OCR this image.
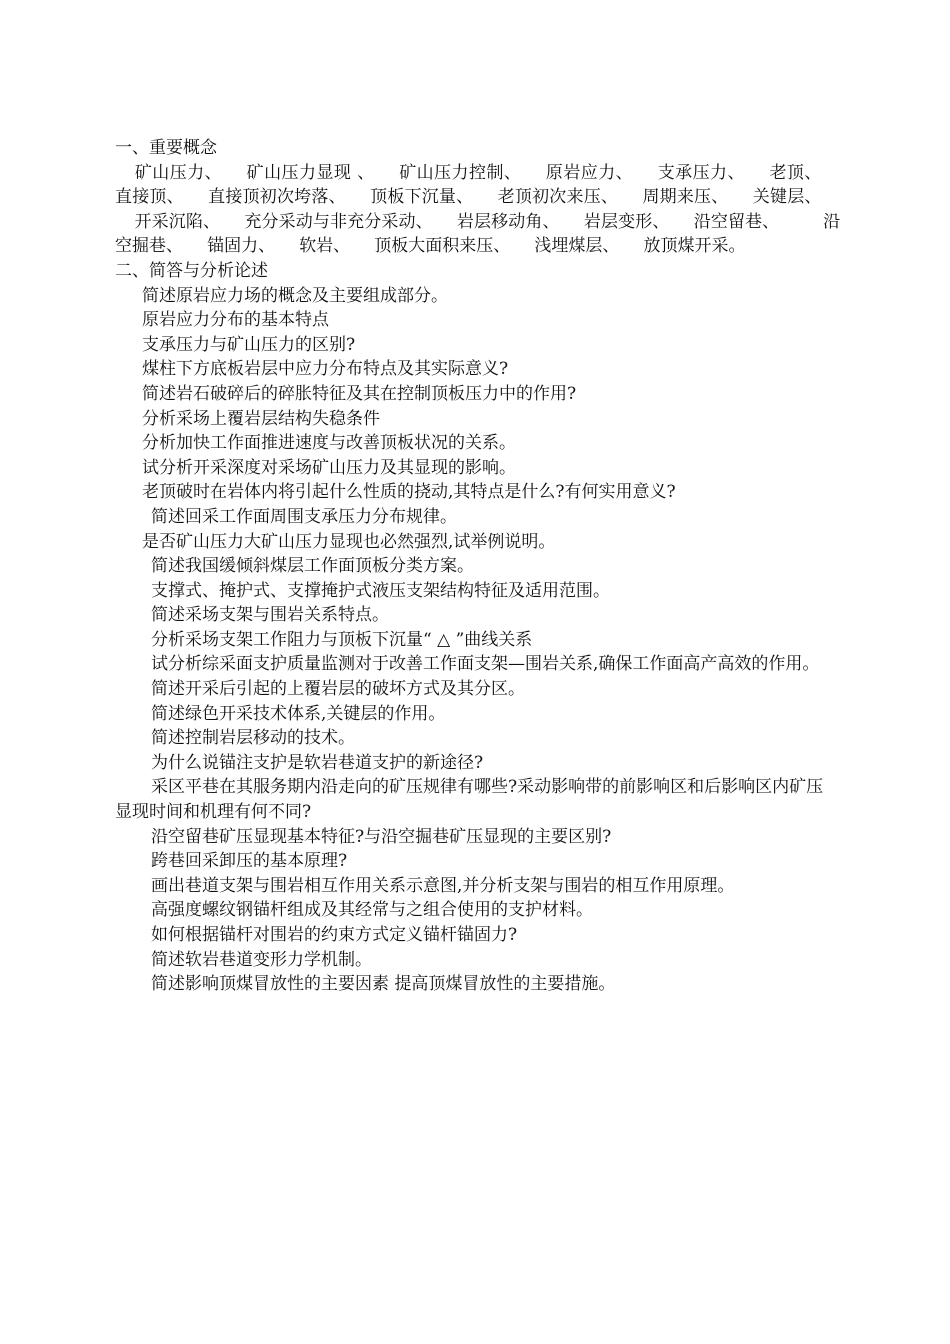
一、重要概念
矿山压力、 矿山压力显现 、 矿山压力控制、 原岩应力、 支承压力、 老顶、 直接顶、 直接顶初次垮落、 顶板下沉量、 老顶初次来压、 周期来压、 关键层、  开采沉陷、 充分采动与非充分采动、 岩层移动角、 岩层变形、 沿空留巷、	沿空掘巷、 锚固力、 软岩、 顶板大面积来压、 浅埋煤层、 放顶煤开采。
二、简答与分析论述
简述原岩应力场的概念及主要组成部分。
原岩应力分布的基本特点
支承压力与矿山压力的区别?
煤柱下方底板岩层中应力分布特点及其实际意义?
简述岩石破碎后的碎胀特征及其在控制顶板压力中的作用?
分析采场上覆岩层结构失稳条件
分析加快工作面推进速度与改善顶板状况的关系。
试分析开采深度对采场矿山压力及其显现的影响。
老顶破时在岩体内将引起什么性质的挠动,其特点是什么?有何实用意义?
简述回采工作面周围支承压力分布规律。
是否矿山压力大矿山压力显现也必然强烈,试举例说明。
简述我国缓倾斜煤层工作面顶板分类方案。
支撑式、掩护式、支撑掩护式液压支架结构特征及适用范围。
简述采场支架与围岩关系特点。
分析采场支架工作阻力与顶板下沉量“ △ ”曲线关系
试分析综采面支护质量监测对于改善工作面支架—围岩关系,确保工作面高产高效的作用。
简述开采后引起的上覆岩层的破坏方式及其分区。
简述绿色开采技术体系,关键层的作用。
简述控制岩层移动的技术。
为什么说锚注支护是软岩巷道支护的新途径?
采区平巷在其服务期内沿走向的矿压规律有哪些?采动影响带的前影响区和后影响区内矿压显现时间和机理有何不同?
沿空留巷矿压显现基本特征?与沿空掘巷矿压显现的主要区别?
跨巷回采卸压的基本原理?
画出巷道支架与围岩相互作用关系示意图,并分析支架与围岩的相互作用原理。
高强度螺纹钢锚杆组成及其经常与之组合使用的支护材料。
如何根据锚杆对围岩的约束方式定义锚杆锚固力?
简述软岩巷道变形力学机制。
简述影响顶煤冒放性的主要因素 提高顶煤冒放性的主要措施。
